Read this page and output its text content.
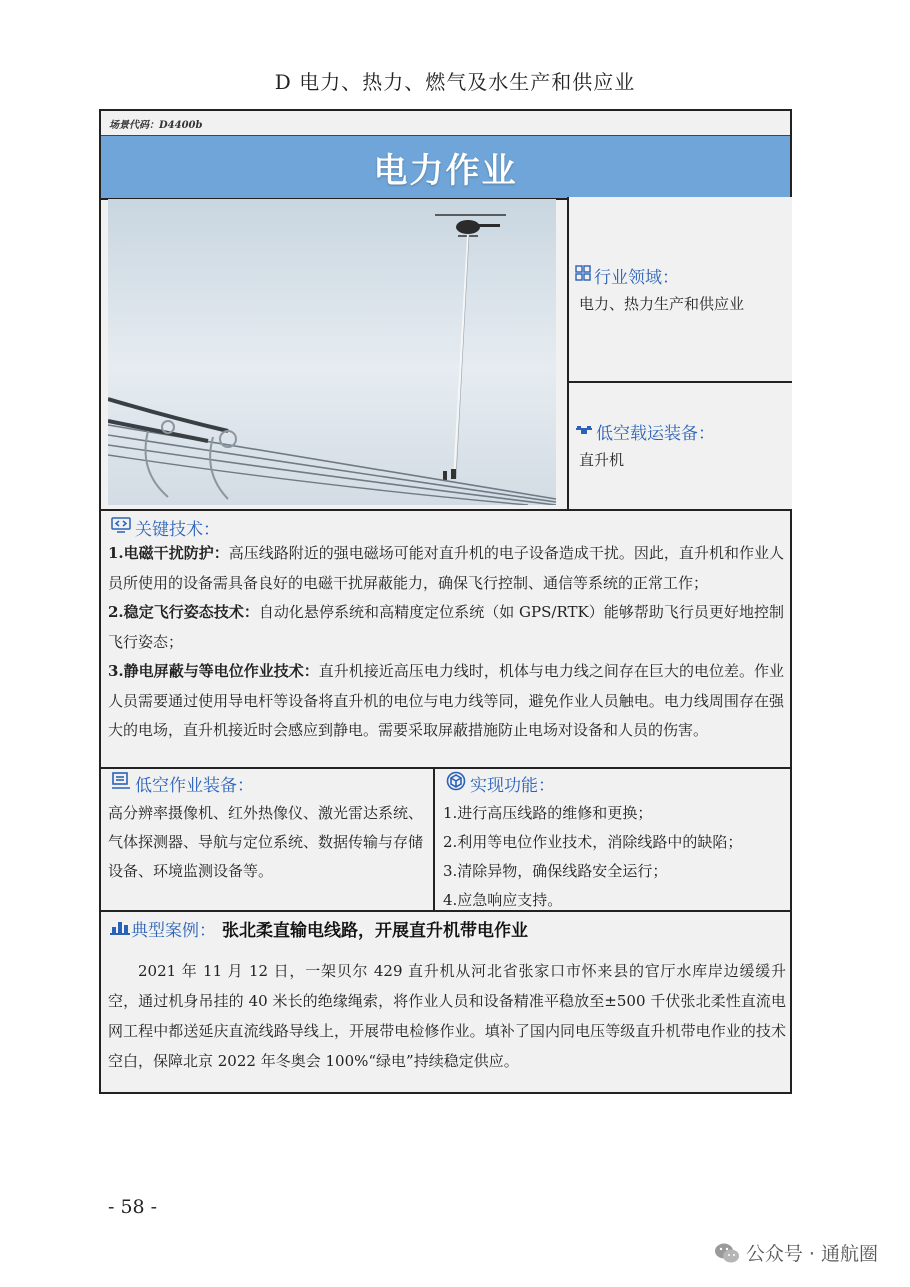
D 电力、热力、燃气及水生产和供应业
场景代码：D4400b
电力作业
行业领域：
电力、热力生产和供应业
低空载运装备：
直升机
关键技术：

1.电磁干扰防护：高压线路附近的强电磁场可能对直升机的电子设备造成干扰。因此，直升机和作业人员所使用的设备需具备良好的电磁干扰屏蔽能力，确保飞行控制、通信等系统的正常工作；

2.稳定飞行姿态技术：自动化悬停系统和高精度定位系统（如 GPS/RTK）能够帮助飞行员更好地控制飞行姿态；

3.静电屏蔽与等电位作业技术：直升机接近高压电力线时，机体与电力线之间存在巨大的电位差。作业人员需要通过使用导电杆等设备将直升机的电位与电力线等同，避免作业人员触电。电力线周围存在强大的电场，直升机接近时会感应到静电。需要采取屏蔽措施防止电场对设备和人员的伤害。

低空作业装备：
高分辨率摄像机、红外热像仪、激光雷达系统、气体探测器、导航与定位系统、数据传输与存储设备、环境监测设备等。
实现功能：
1.进行高压线路的维修和更换；
2.利用等电位作业技术，消除线路中的缺陷；
3.清除异物，确保线路安全运行；
4.应急响应支持。
典型案例： 张北柔直输电线路，开展直升机带电作业
2021 年 11 月 12 日，一架贝尔 429 直升机从河北省张家口市怀来县的官厅水库岸边缓缓升空，通过机身吊挂的 40 米长的绝缘绳索，将作业人员和设备精准平稳放至±500 千伏张北柔性直流电网工程中都送延庆直流线路导线上，开展带电检修作业。填补了国内同电压等级直升机带电作业的技术空白，保障北京 2022 年冬奥会 100%“绿电”持续稳定供应。
- 58 -
公众号 · 通航圈
